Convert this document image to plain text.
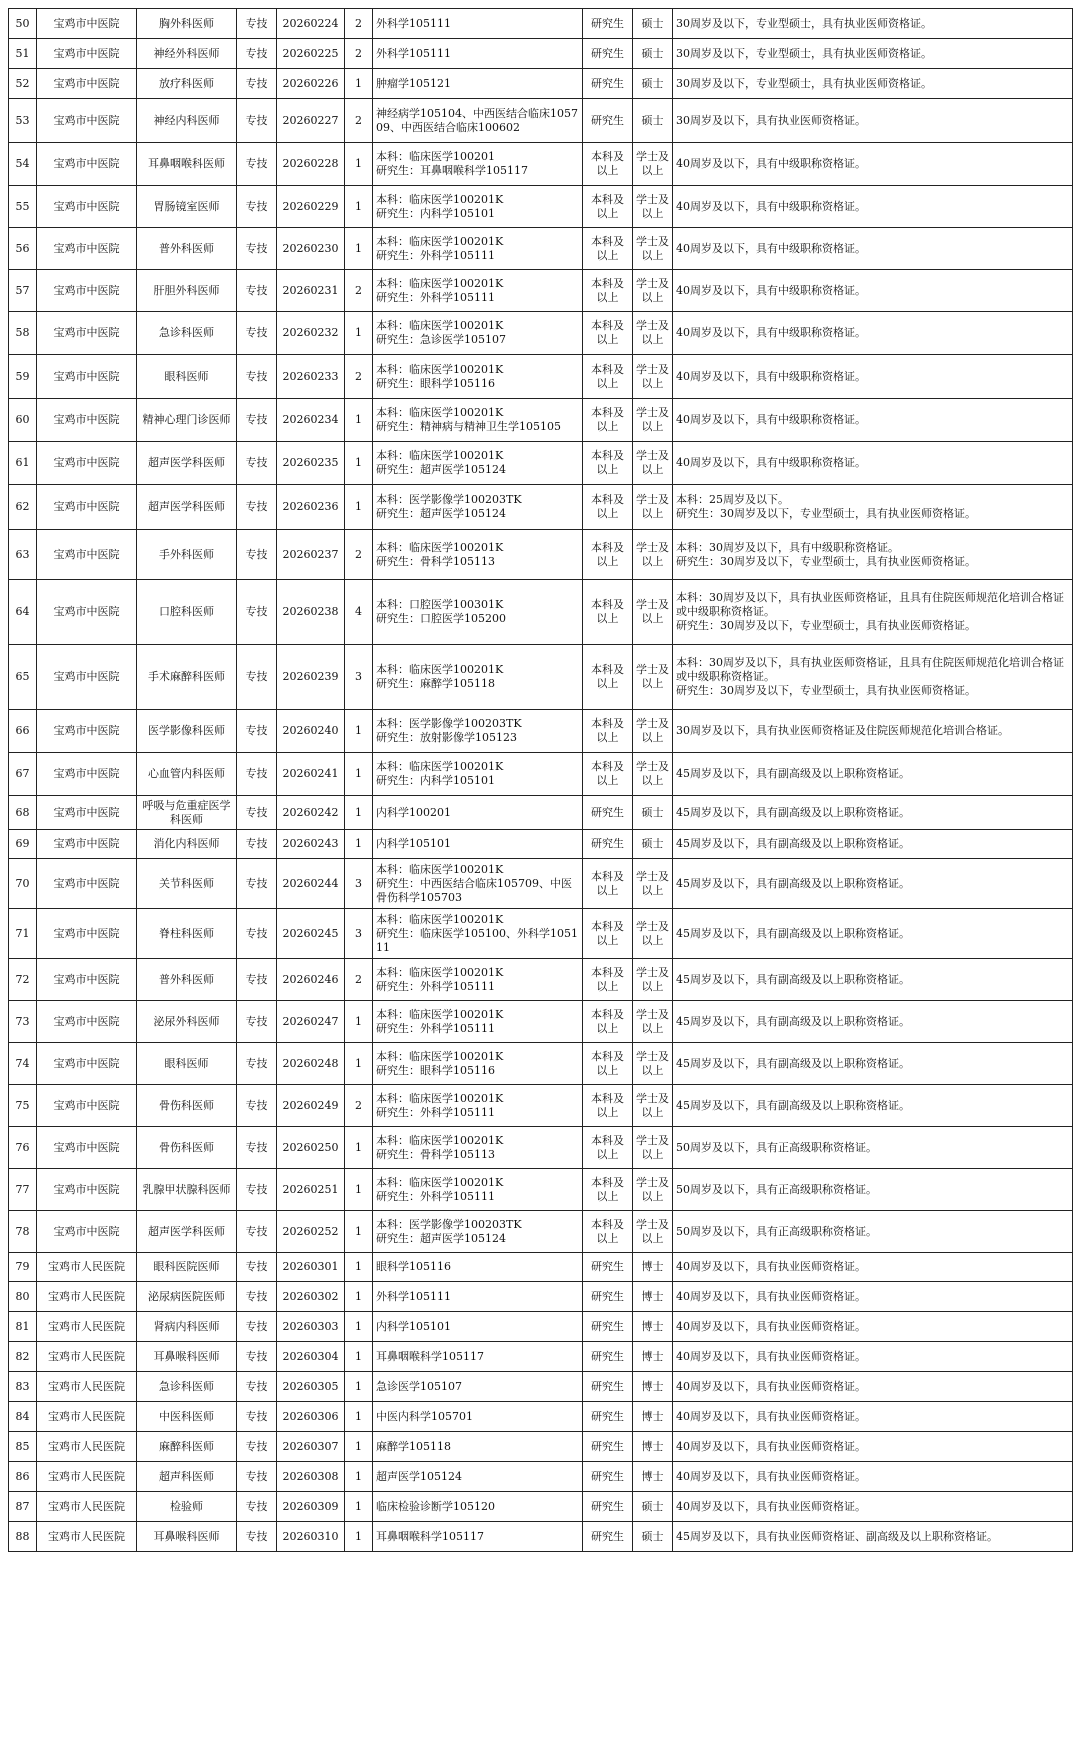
50	宝鸡市中医院	胸外科医师	专技	20260224	2	外科学105111	研究生	硕士	30周岁及以下，专业型硕士，具有执业医师资格证。
51	宝鸡市中医院	神经外科医师	专技	20260225	2	外科学105111	研究生	硕士	30周岁及以下，专业型硕士，具有执业医师资格证。
52	宝鸡市中医院	放疗科医师	专技	20260226	1	肿瘤学105121	研究生	硕士	30周岁及以下，专业型硕士，具有执业医师资格证。
53	宝鸡市中医院	神经内科医师	专技	20260227	2	神经病学105104、中西医结合临床105709、中西医结合临床100602	研究生	硕士	30周岁及以下，具有执业医师资格证。
54	宝鸡市中医院	耳鼻咽喉科医师	专技	20260228	1	本科：临床医学100201
研究生：耳鼻咽喉科学105117	本科及以上	学士及以上	40周岁及以下，具有中级职称资格证。
55	宝鸡市中医院	胃肠镜室医师	专技	20260229	1	本科：临床医学100201K
研究生：内科学105101	本科及以上	学士及以上	40周岁及以下，具有中级职称资格证。
56	宝鸡市中医院	普外科医师	专技	20260230	1	本科：临床医学100201K
研究生：外科学105111	本科及以上	学士及以上	40周岁及以下，具有中级职称资格证。
57	宝鸡市中医院	肝胆外科医师	专技	20260231	2	本科：临床医学100201K
研究生：外科学105111	本科及以上	学士及以上	40周岁及以下，具有中级职称资格证。
58	宝鸡市中医院	急诊科医师	专技	20260232	1	本科：临床医学100201K
研究生：急诊医学105107	本科及以上	学士及以上	40周岁及以下，具有中级职称资格证。
59	宝鸡市中医院	眼科医师	专技	20260233	2	本科：临床医学100201K
研究生：眼科学105116	本科及以上	学士及以上	40周岁及以下，具有中级职称资格证。
60	宝鸡市中医院	精神心理门诊医师	专技	20260234	1	本科：临床医学100201K
研究生：精神病与精神卫生学105105	本科及以上	学士及以上	40周岁及以下，具有中级职称资格证。
61	宝鸡市中医院	超声医学科医师	专技	20260235	1	本科：临床医学100201K
研究生：超声医学105124	本科及以上	学士及以上	40周岁及以下，具有中级职称资格证。
62	宝鸡市中医院	超声医学科医师	专技	20260236	1	本科：医学影像学100203TK
研究生：超声医学105124	本科及以上	学士及以上	本科：25周岁及以下。
研究生：30周岁及以下，专业型硕士，具有执业医师资格证。
63	宝鸡市中医院	手外科医师	专技	20260237	2	本科：临床医学100201K
研究生：骨科学105113	本科及以上	学士及以上	本科：30周岁及以下，具有中级职称资格证。
研究生：30周岁及以下，专业型硕士，具有执业医师资格证。
64	宝鸡市中医院	口腔科医师	专技	20260238	4	本科：口腔医学100301K
研究生：口腔医学105200	本科及以上	学士及以上	本科：30周岁及以下，具有执业医师资格证，且具有住院医师规范化培训合格证或中级职称资格证。
研究生：30周岁及以下，专业型硕士，具有执业医师资格证。
65	宝鸡市中医院	手术麻醉科医师	专技	20260239	3	本科：临床医学100201K
研究生：麻醉学105118	本科及以上	学士及以上	本科：30周岁及以下，具有执业医师资格证，且具有住院医师规范化培训合格证或中级职称资格证。
研究生：30周岁及以下，专业型硕士，具有执业医师资格证。
66	宝鸡市中医院	医学影像科医师	专技	20260240	1	本科：医学影像学100203TK
研究生：放射影像学105123	本科及以上	学士及以上	30周岁及以下，具有执业医师资格证及住院医师规范化培训合格证。
67	宝鸡市中医院	心血管内科医师	专技	20260241	1	本科：临床医学100201K
研究生：内科学105101	本科及以上	学士及以上	45周岁及以下，具有副高级及以上职称资格证。
68	宝鸡市中医院	呼吸与危重症医学科医师	专技	20260242	1	内科学100201	研究生	硕士	45周岁及以下，具有副高级及以上职称资格证。
69	宝鸡市中医院	消化内科医师	专技	20260243	1	内科学105101	研究生	硕士	45周岁及以下，具有副高级及以上职称资格证。
70	宝鸡市中医院	关节科医师	专技	20260244	3	本科：临床医学100201K
研究生：中西医结合临床105709、中医骨伤科学105703	本科及以上	学士及以上	45周岁及以下，具有副高级及以上职称资格证。
71	宝鸡市中医院	脊柱科医师	专技	20260245	3	本科：临床医学100201K
研究生：临床医学105100、外科学105111	本科及以上	学士及以上	45周岁及以下，具有副高级及以上职称资格证。
72	宝鸡市中医院	普外科医师	专技	20260246	2	本科：临床医学100201K
研究生：外科学105111	本科及以上	学士及以上	45周岁及以下，具有副高级及以上职称资格证。
73	宝鸡市中医院	泌尿外科医师	专技	20260247	1	本科：临床医学100201K
研究生：外科学105111	本科及以上	学士及以上	45周岁及以下，具有副高级及以上职称资格证。
74	宝鸡市中医院	眼科医师	专技	20260248	1	本科：临床医学100201K
研究生：眼科学105116	本科及以上	学士及以上	45周岁及以下，具有副高级及以上职称资格证。
75	宝鸡市中医院	骨伤科医师	专技	20260249	2	本科：临床医学100201K
研究生：外科学105111	本科及以上	学士及以上	45周岁及以下，具有副高级及以上职称资格证。
76	宝鸡市中医院	骨伤科医师	专技	20260250	1	本科：临床医学100201K
研究生：骨科学105113	本科及以上	学士及以上	50周岁及以下，具有正高级职称资格证。
77	宝鸡市中医院	乳腺甲状腺科医师	专技	20260251	1	本科：临床医学100201K
研究生：外科学105111	本科及以上	学士及以上	50周岁及以下，具有正高级职称资格证。
78	宝鸡市中医院	超声医学科医师	专技	20260252	1	本科：医学影像学100203TK
研究生：超声医学105124	本科及以上	学士及以上	50周岁及以下，具有正高级职称资格证。
79	宝鸡市人民医院	眼科医院医师	专技	20260301	1	眼科学105116	研究生	博士	40周岁及以下，具有执业医师资格证。
80	宝鸡市人民医院	泌尿病医院医师	专技	20260302	1	外科学105111	研究生	博士	40周岁及以下，具有执业医师资格证。
81	宝鸡市人民医院	肾病内科医师	专技	20260303	1	内科学105101	研究生	博士	40周岁及以下，具有执业医师资格证。
82	宝鸡市人民医院	耳鼻喉科医师	专技	20260304	1	耳鼻咽喉科学105117	研究生	博士	40周岁及以下，具有执业医师资格证。
83	宝鸡市人民医院	急诊科医师	专技	20260305	1	急诊医学105107	研究生	博士	40周岁及以下，具有执业医师资格证。
84	宝鸡市人民医院	中医科医师	专技	20260306	1	中医内科学105701	研究生	博士	40周岁及以下，具有执业医师资格证。
85	宝鸡市人民医院	麻醉科医师	专技	20260307	1	麻醉学105118	研究生	博士	40周岁及以下，具有执业医师资格证。
86	宝鸡市人民医院	超声科医师	专技	20260308	1	超声医学105124	研究生	博士	40周岁及以下，具有执业医师资格证。
87	宝鸡市人民医院	检验师	专技	20260309	1	临床检验诊断学105120	研究生	硕士	40周岁及以下，具有执业医师资格证。
88	宝鸡市人民医院	耳鼻喉科医师	专技	20260310	1	耳鼻咽喉科学105117	研究生	硕士	45周岁及以下，具有执业医师资格证、副高级及以上职称资格证。
